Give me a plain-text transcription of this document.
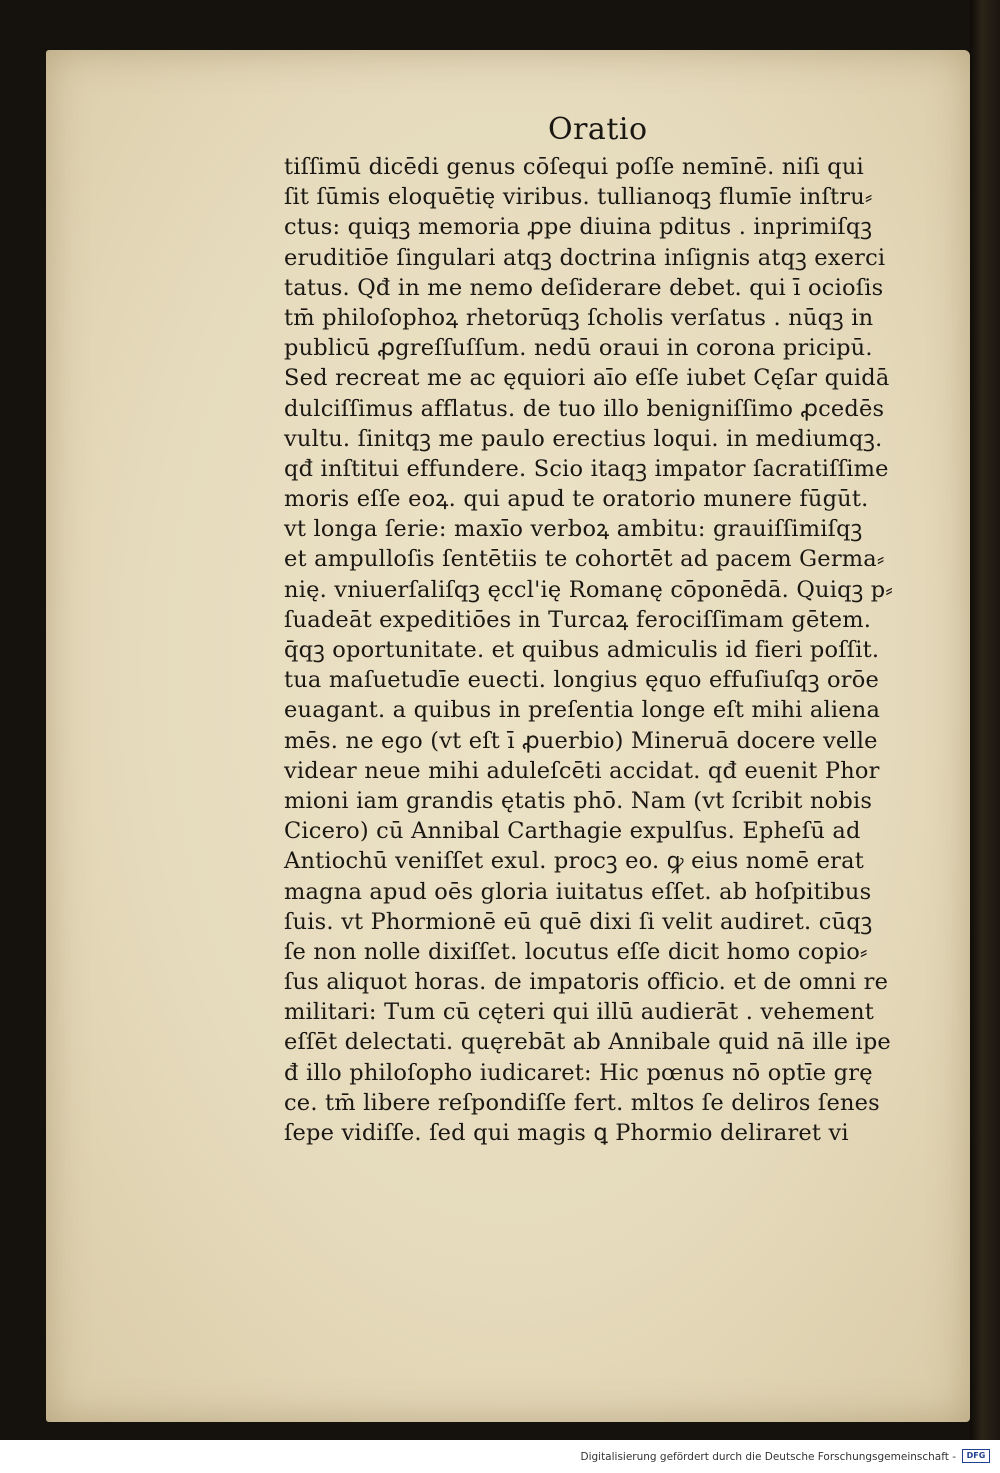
Oratio
tiſſimū dicēdi genus cōſequi poſſe nemīnē. niſi qui
ſit ſūmis eloquētię viribus. tullianoqꝫ flumīe inſtru⸗
ctus: quiqꝫ memoria ꝓpe diuina pditus . inprimiſqꝫ
eruditiōe ſingulari atqꝫ doctrina inſignis atqꝫ exerci
tatus. Qđ in me nemo deſiderare debet. qui ī ocioſis
tm̄ philoſophoꝝ rhetorūqꝫ ſcholis verſatus . nūqꝫ in
publicū ꝓgreſſuſſum. nedū oraui in corona pricipū.
Sed recreat me ac ęquiori aīo eſſe iubet Cęſar quidā
dulciſſimus afflatus. de tuo illo benigniſſimo ꝓcedēs
vultu. ſinitqꝫ me paulo erectius loqui. in mediumqꝫ.
qđ inſtitui effundere. Scio itaqꝫ impator ſacratiſſime
moris eſſe eoꝝ. qui apud te oratorio munere fūgūt.
vt longa ſerie: maxīo verboꝝ ambitu: grauiſſimiſqꝫ
et ampulloſis ſentētiis te cohortēt ad pacem Germa⸗
nię. vniuerſaliſqꝫ ęccl'ię Romanę cōponēdā. Quiqꝫ p⸗
ſuadeāt expeditiōes in Turcaꝝ ferociſſimam gētem.
q̄qꝫ oportunitate. et quibus admiculis id fieri poſſit.
tua maſuetudīe euecti. longius ęquo effuſiuſqꝫ orōe
euagant. a quibus in preſentia longe eſt mihi aliena
mēs. ne ego (vt eſt ī ꝓuerbio) Mineruā docere velle
videar neue mihi aduleſcēti accidat. qđ euenit Phor
mioni iam grandis ętatis phō. Nam (vt ſcribit nobis
Cicero) cū Annibal Carthagie expulſus. Epheſū ad
Antiochū veniſſet exul. procꝫ eo. ꝙ eius nomē erat
magna apud oēs gloria iuitatus eſſet. ab hoſpitibus
ſuis. vt Phormionē eū quē dixi ſi velit audiret. cūqꝫ
ſe non nolle dixiſſet. locutus eſſe dicit homo copio⸗
ſus aliquot horas. de impatoris officio. et de omni re
militari: Tum cū cęteri qui illū audierāt . vehement
eſſēt delectati. quęrebāt ab Annibale quid nā ille ipe
đ illo philoſopho iudicaret: Hic pœnus nō optīe grę
ce. tm̄ libere reſpondiſſe fert. mltos ſe deliros ſenes
ſepe vidiſſe. ſed qui magis ꝗ Phormio deliraret vi
Digitalisierung gefördert durch die Deutsche Forschungsgemeinschaft -	DFG
